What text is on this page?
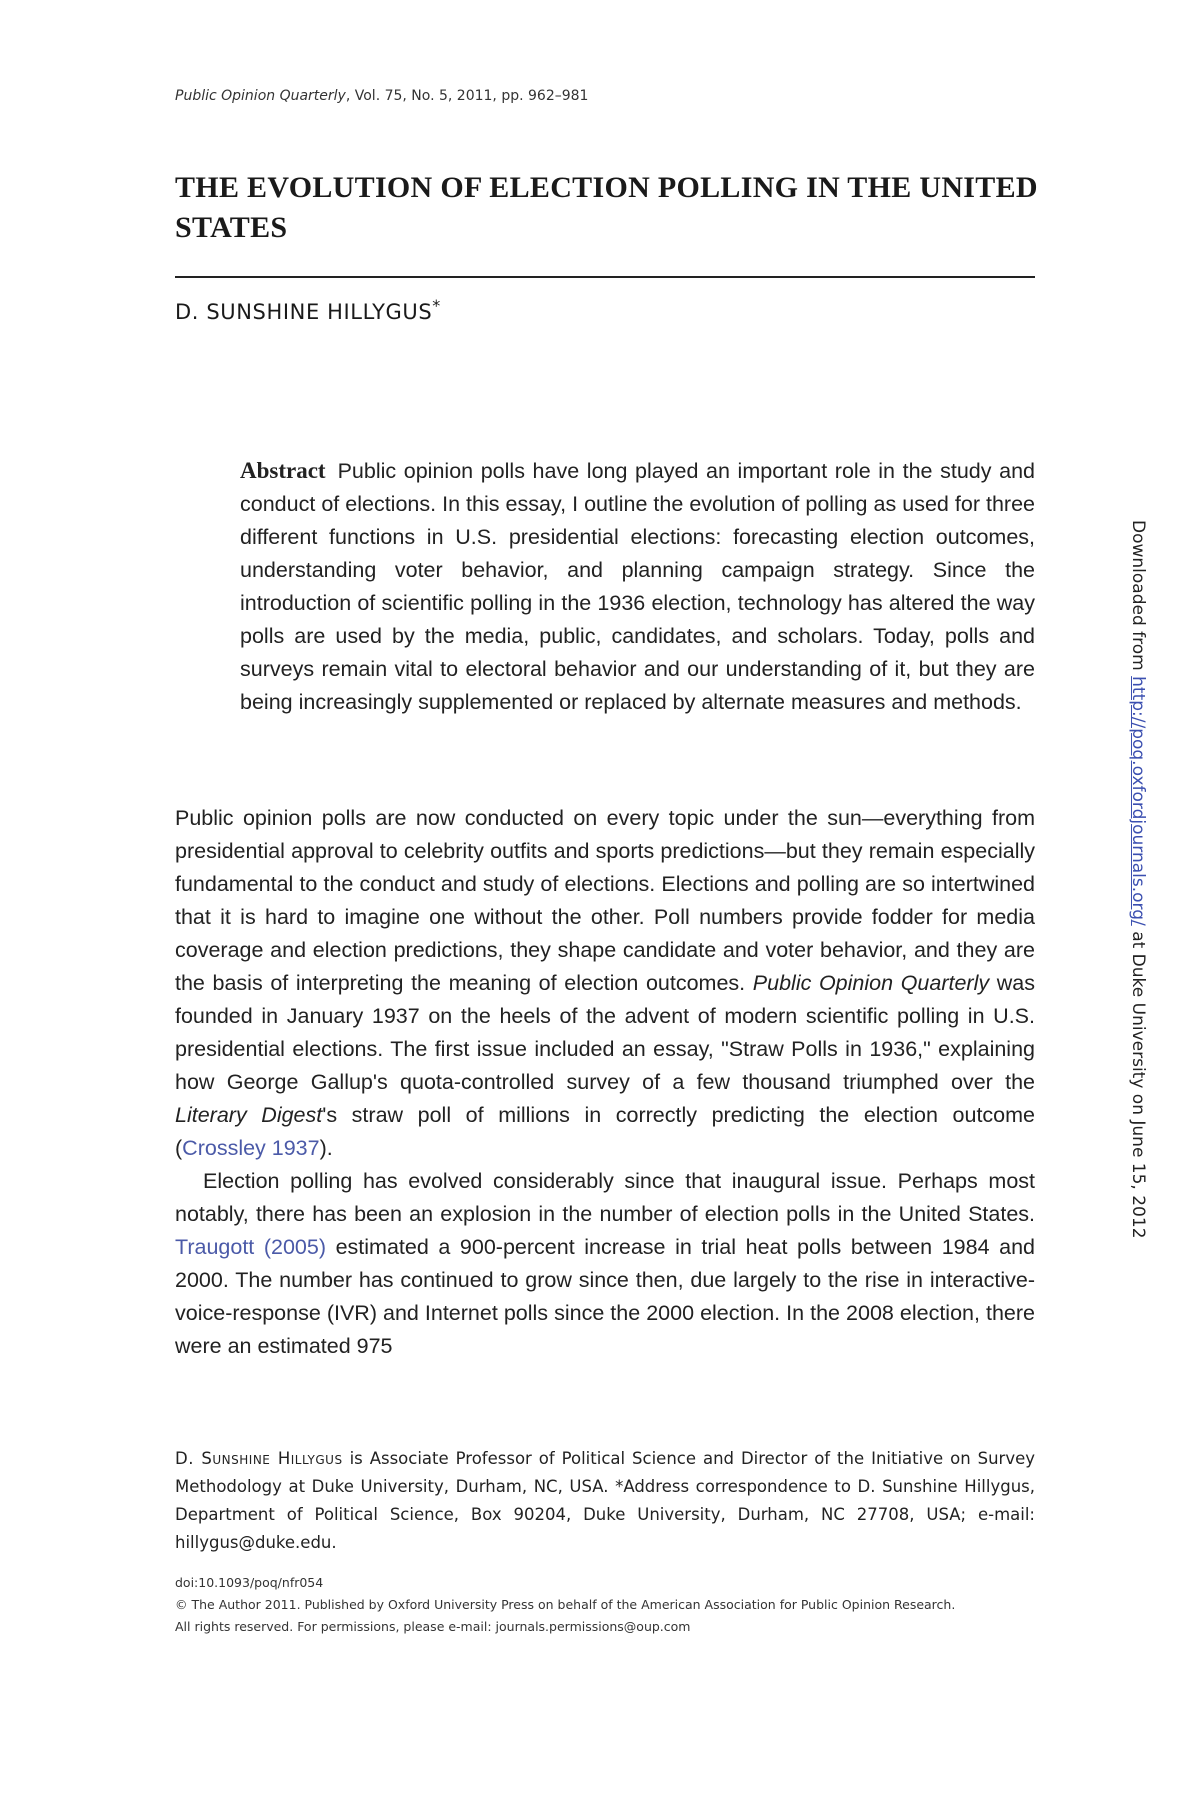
Public Opinion Quarterly, Vol. 75, No. 5, 2011, pp. 962–981
THE EVOLUTION OF ELECTION POLLING IN THE UNITED STATES
D. SUNSHINE HILLYGUS*
Abstract Public opinion polls have long played an important role in the study and conduct of elections. In this essay, I outline the evolution of polling as used for three different functions in U.S. presidential elections: forecasting election outcomes, understanding voter behavior, and planning campaign strategy. Since the introduction of scientific polling in the 1936 election, technology has altered the way polls are used by the media, public, candidates, and scholars. Today, polls and surveys remain vital to electoral behavior and our understanding of it, but they are being increasingly supplemented or replaced by alternate measures and methods.

Public opinion polls are now conducted on every topic under the sun—everything from presidential approval to celebrity outfits and sports predictions—but they remain especially fundamental to the conduct and study of elections. Elections and polling are so intertwined that it is hard to imagine one without the other. Poll numbers provide fodder for media coverage and election predictions, they shape candidate and voter behavior, and they are the basis of interpreting the meaning of election outcomes. Public Opinion Quarterly was founded in January 1937 on the heels of the advent of modern scientific polling in U.S. presidential elections. The first issue included an essay, "Straw Polls in 1936," explaining how George Gallup's quota-controlled survey of a few thousand triumphed over the Literary Digest's straw poll of millions in correctly predicting the election outcome (Crossley 1937).

Election polling has evolved considerably since that inaugural issue. Perhaps most notably, there has been an explosion in the number of election polls in the United States. Traugott (2005) estimated a 900-percent increase in trial heat polls between 1984 and 2000. The number has continued to grow since then, due largely to the rise in interactive-voice-response (IVR) and Internet polls since the 2000 election. In the 2008 election, there were an estimated 975

D. Sunshine Hillygus is Associate Professor of Political Science and Director of the Initiative on Survey Methodology at Duke University, Durham, NC, USA. *Address correspondence to D. Sunshine Hillygus, Department of Political Science, Box 90204, Duke University, Durham, NC 27708, USA; e-mail: hillygus@duke.edu.
doi:10.1093/poq/nfr054
© The Author 2011. Published by Oxford University Press on behalf of the American Association for Public Opinion Research.
All rights reserved. For permissions, please e-mail: journals.permissions@oup.com
Downloaded from http://poq.oxfordjournals.org/ at Duke University on June 15, 2012
